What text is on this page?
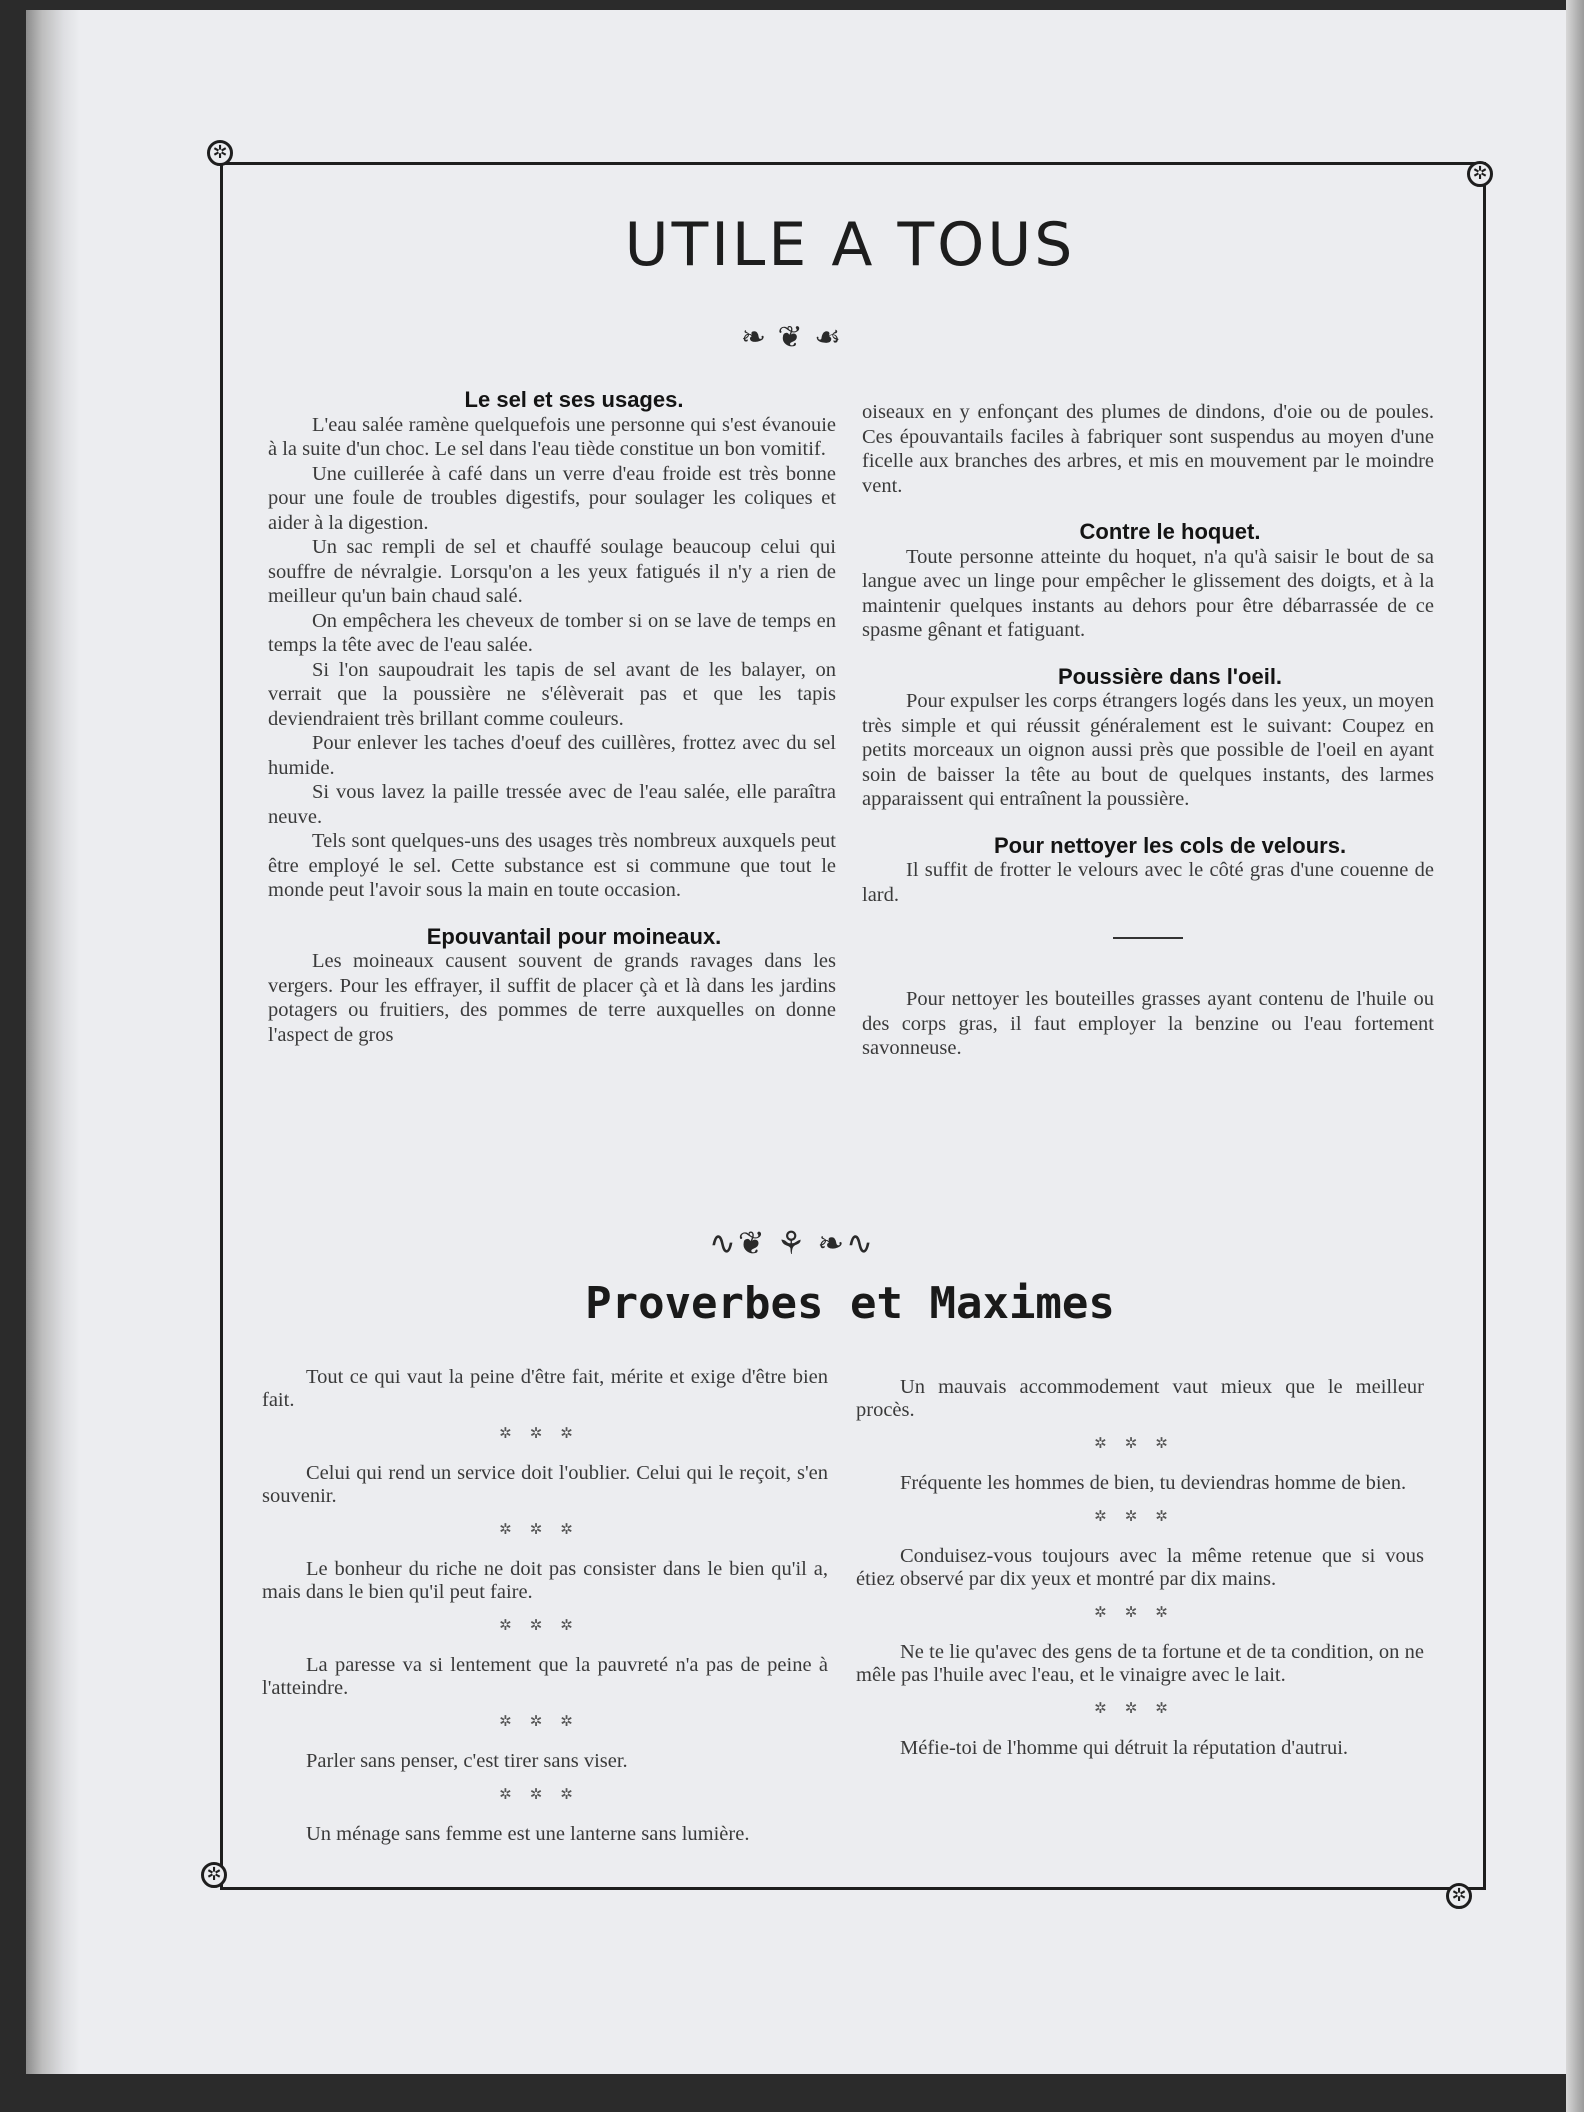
✲
✲
✲
✲
UTILE A TOUS
❧ ❦ ☙

Le sel et ses usages.

L'eau salée ramène quelquefois une personne qui s'est évanouie à la suite d'un choc. Le sel dans l'eau tiède constitue un bon vomitif.

Une cuillerée à café dans un verre d'eau froide est très bonne pour une foule de troubles digestifs, pour soulager les coliques et aider à la digestion.

Un sac rempli de sel et chauffé soulage beaucoup celui qui souffre de névralgie. Lorsqu'on a les yeux fatigués il n'y a rien de meilleur qu'un bain chaud salé.

On empêchera les cheveux de tomber si on se lave de temps en temps la tête avec de l'eau salée.

Si l'on saupoudrait les tapis de sel avant de les balayer, on verrait que la poussière ne s'élèverait pas et que les tapis deviendraient très brillant comme couleurs.

Pour enlever les taches d'oeuf des cuillères, frottez avec du sel humide.

Si vous lavez la paille tressée avec de l'eau salée, elle paraîtra neuve.

Tels sont quelques-uns des usages très nombreux auxquels peut être employé le sel. Cette substance est si commune que tout le monde peut l'avoir sous la main en toute occasion.

Epouvantail pour moineaux.

Les moineaux causent souvent de grands ravages dans les vergers. Pour les effrayer, il suffit de placer çà et là dans les jardins potagers ou fruitiers, des pommes de terre auxquelles on donne l'aspect de gros

oiseaux en y enfonçant des plumes de dindons, d'oie ou de poules. Ces épouvantails faciles à fabriquer sont suspendus au moyen d'une ficelle aux branches des arbres, et mis en mouvement par le moindre vent.

Contre le hoquet.

Toute personne atteinte du hoquet, n'a qu'à saisir le bout de sa langue avec un linge pour empêcher le glissement des doigts, et à la maintenir quelques instants au dehors pour être débarrassée de ce spasme gênant et fatiguant.

Poussière dans l'oeil.

Pour expulser les corps étrangers logés dans les yeux, un moyen très simple et qui réussit généralement est le suivant: Coupez en petits morceaux un oignon aussi près que possible de l'oeil en ayant soin de baisser la tête au bout de quelques instants, des larmes apparaissent qui entraînent la poussière.

Pour nettoyer les cols de velours.

Il suffit de frotter le velours avec le côté gras d'une couenne de lard.

Pour nettoyer les bouteilles grasses ayant contenu de l'huile ou des corps gras, il faut employer la benzine ou l'eau fortement savonneuse.

∿❦ ⚘ ❧∿
Proverbes et Maximes

Tout ce qui vaut la peine d'être fait, mérite et exige d'être bien fait.

✲✲✲

Celui qui rend un service doit l'oublier. Celui qui le reçoit, s'en souvenir.

✲✲✲

Le bonheur du riche ne doit pas consister dans le bien qu'il a, mais dans le bien qu'il peut faire.

✲✲✲

La paresse va si lentement que la pauvreté n'a pas de peine à l'atteindre.

✲✲✲

Parler sans penser, c'est tirer sans viser.

✲✲✲

Un ménage sans femme est une lanterne sans lumière.

Un mauvais accommodement vaut mieux que le meilleur procès.

✲✲✲

Fréquente les hommes de bien, tu deviendras homme de bien.

✲✲✲

Conduisez-vous toujours avec la même retenue que si vous étiez observé par dix yeux et montré par dix mains.

✲✲✲

Ne te lie qu'avec des gens de ta fortune et de ta condition, on ne mêle pas l'huile avec l'eau, et le vinaigre avec le lait.

✲✲✲

Méfie-toi de l'homme qui détruit la réputation d'autrui.
